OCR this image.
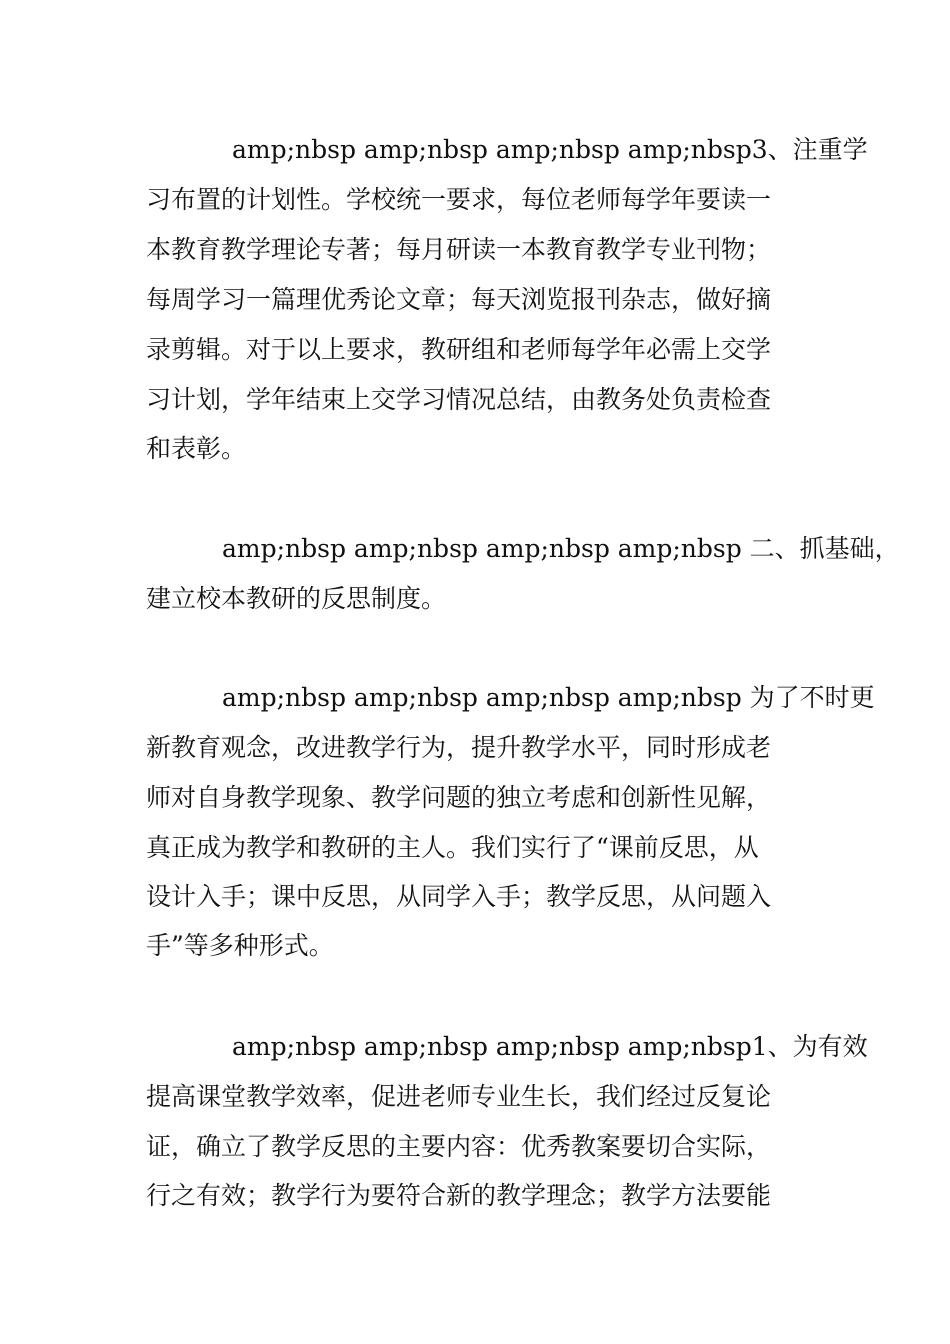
amp;nbsp amp;nbsp amp;nbsp amp;nbsp3、注重学
习布置的计划性。学校统一要求，每位老师每学年要读一
本教育教学理论专著；每月研读一本教育教学专业刊物；
每周学习一篇理优秀论文章；每天浏览报刊杂志，做好摘
录剪辑。对于以上要求，教研组和老师每学年必需上交学
习计划，学年结束上交学习情况总结，由教务处负责检查
和表彰。
amp;nbsp amp;nbsp amp;nbsp amp;nbsp 二、抓基础，
建立校本教研的反思制度。
amp;nbsp amp;nbsp amp;nbsp amp;nbsp 为了不时更
新教育观念，改进教学行为，提升教学水平，同时形成老
师对自身教学现象、教学问题的独立考虑和创新性见解，
真正成为教学和教研的主人。我们实行了“课前反思，从
设计入手；课中反思，从同学入手；教学反思，从问题入
手”等多种形式。
amp;nbsp amp;nbsp amp;nbsp amp;nbsp1、为有效
提高课堂教学效率，促进老师专业生长，我们经过反复论
证，确立了教学反思的主要内容：优秀教案要切合实际，
行之有效；教学行为要符合新的教学理念；教学方法要能
